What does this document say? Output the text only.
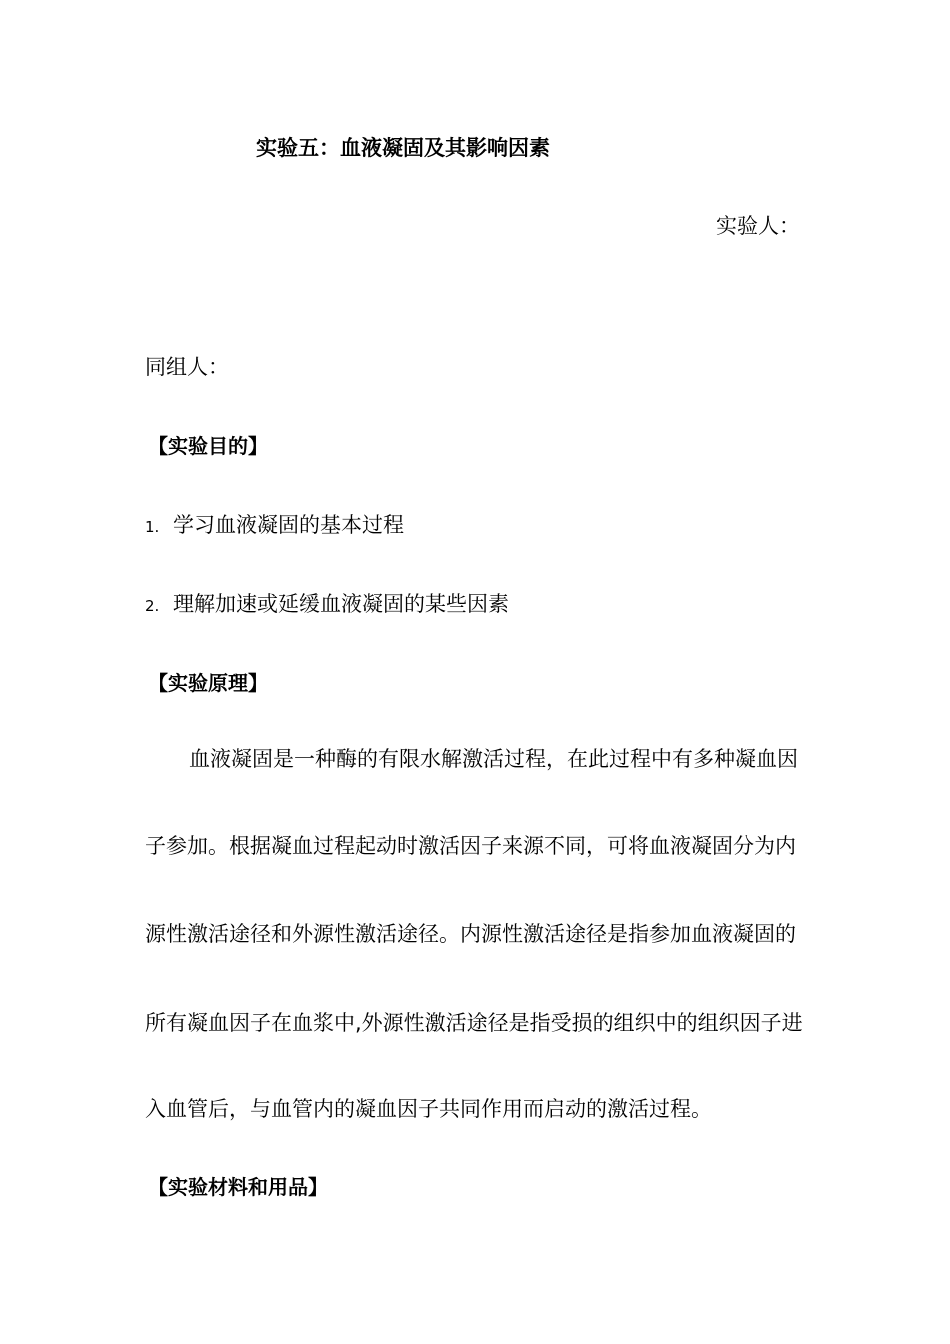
实验五：血液凝固及其影响因素
实验人：
同组人：
【实验目的】
1. 学习血液凝固的基本过程
2. 理解加速或延缓血液凝固的某些因素
【实验原理】
血液凝固是一种酶的有限水解激活过程，在此过程中有多种凝血因
子参加。根据凝血过程起动时激活因子来源不同，可将血液凝固分为内
源性激活途径和外源性激活途径。内源性激活途径是指参加血液凝固的
所有凝血因子在血浆中,外源性激活途径是指受损的组织中的组织因子进
入血管后，与血管内的凝血因子共同作用而启动的激活过程。
【实验材料和用品】
